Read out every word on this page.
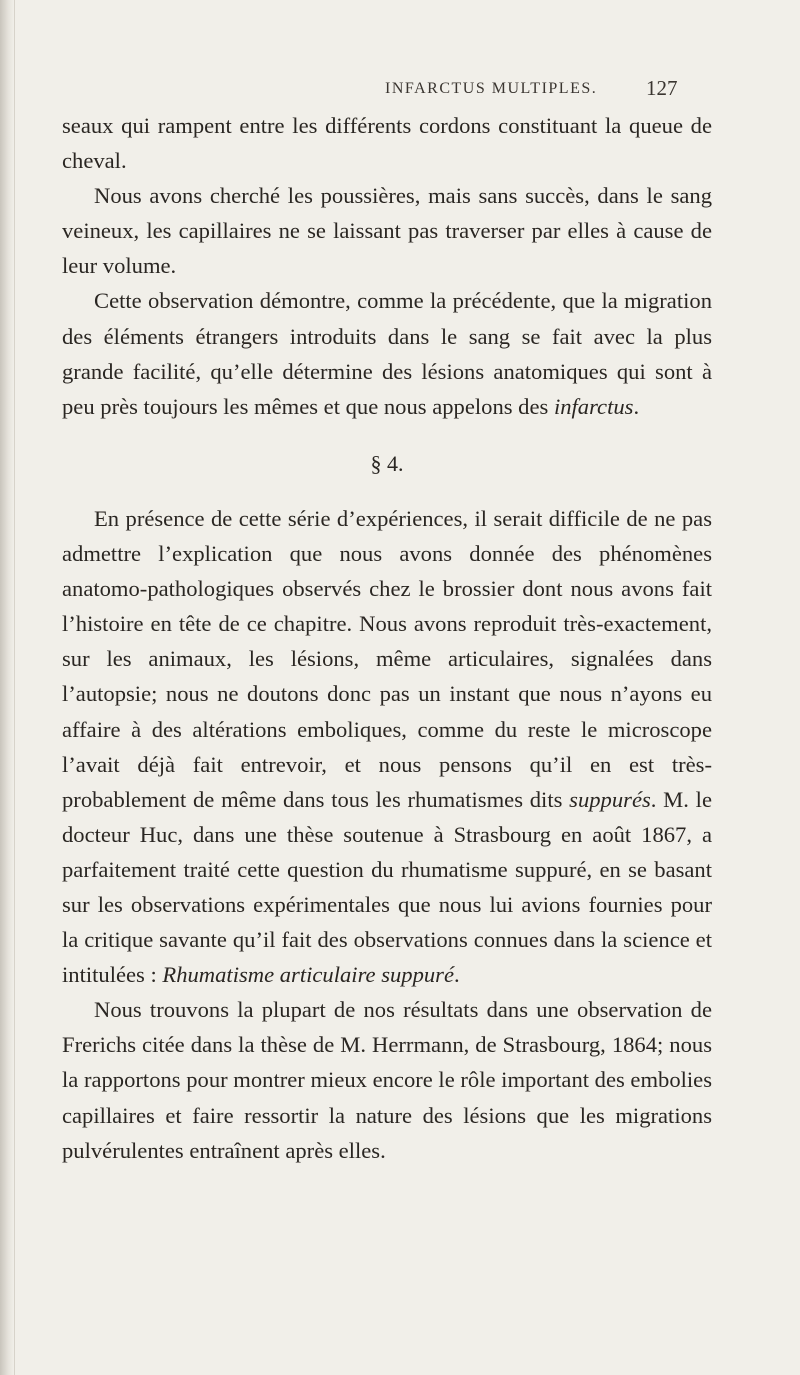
INFARCTUS MULTIPLES. 127

seaux qui rampent entre les différents cordons constituant la queue de cheval.

Nous avons cherché les poussières, mais sans succès, dans le sang veineux, les capillaires ne se laissant pas traverser par elles à cause de leur volume.

Cette observation démontre, comme la précédente, que la migration des éléments étrangers introduits dans le sang se fait avec la plus grande facilité, qu’elle détermine des lésions anatomiques qui sont à peu près toujours les mêmes et que nous appelons des infarctus.

§ 4.

En présence de cette série d’expériences, il serait difficile de ne pas admettre l’explication que nous avons donnée des phénomènes anatomo-pathologiques observés chez le brossier dont nous avons fait l’histoire en tête de ce chapitre. Nous avons reproduit très-exactement, sur les animaux, les lésions, même articulaires, signalées dans l’autopsie; nous ne doutons donc pas un instant que nous n’ayons eu affaire à des altérations emboliques, comme du reste le microscope l’avait déjà fait entrevoir, et nous pensons qu’il en est très-probablement de même dans tous les rhumatismes dits suppurés. M. le docteur Huc, dans une thèse soutenue à Strasbourg en août 1867, a parfaitement traité cette question du rhumatisme suppuré, en se basant sur les observations expérimentales que nous lui avions fournies pour la critique savante qu’il fait des observations connues dans la science et intitulées : Rhumatisme articulaire suppuré.

Nous trouvons la plupart de nos résultats dans une observation de Frerichs citée dans la thèse de M. Herrmann, de Strasbourg, 1864; nous la rapportons pour montrer mieux encore le rôle important des embolies capillaires et faire ressortir la nature des lésions que les migrations pulvérulentes entraînent après elles.
